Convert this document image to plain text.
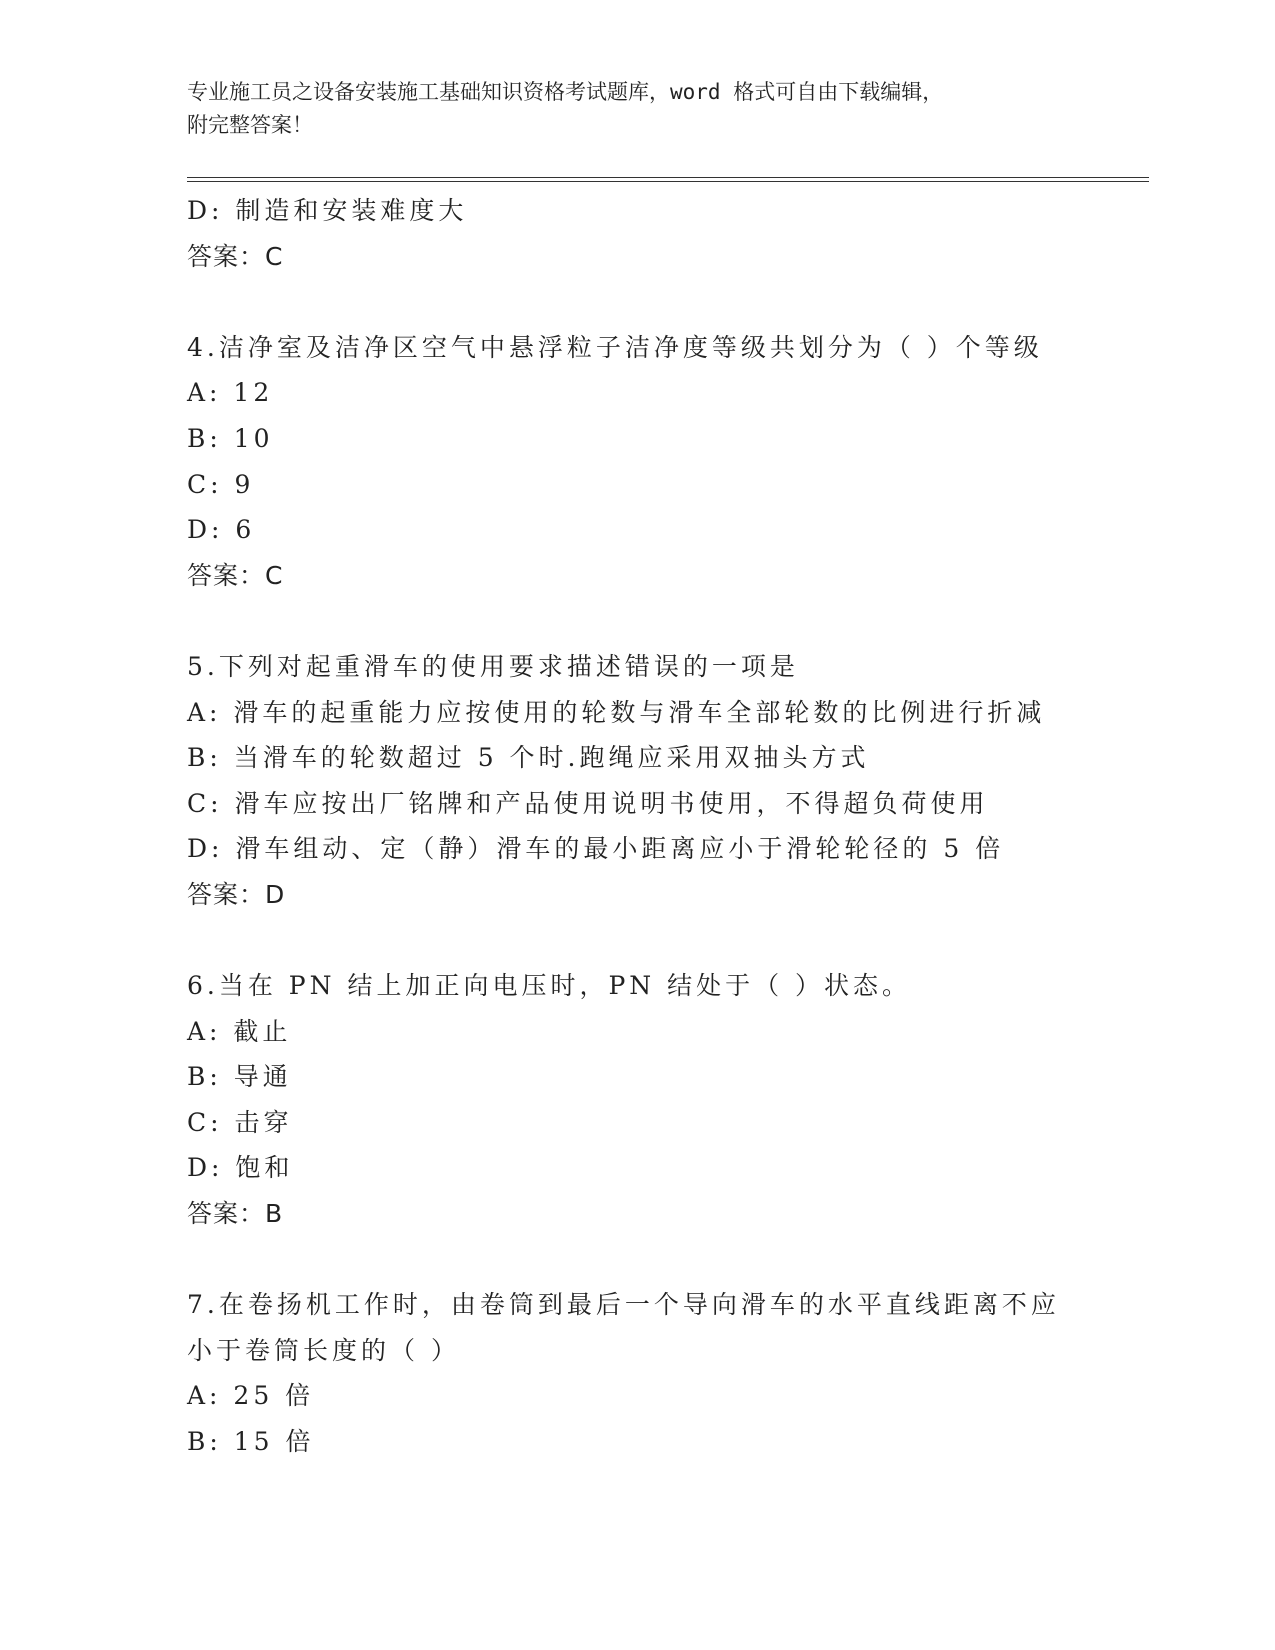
专业施工员之设备安装施工基础知识资格考试题库，word 格式可自由下载编辑，
附完整答案！
D: 制造和安装难度大
答案：C
4.洁净室及洁净区空气中悬浮粒子洁净度等级共划分为（ ）个等级
A: 12
B: 10
C: 9
D: 6
答案：C
5.下列对起重滑车的使用要求描述错误的一项是
A: 滑车的起重能力应按使用的轮数与滑车全部轮数的比例进行折减
B: 当滑车的轮数超过 5 个时.跑绳应采用双抽头方式
C: 滑车应按出厂铭牌和产品使用说明书使用，不得超负荷使用
D: 滑车组动、定（静）滑车的最小距离应小于滑轮轮径的 5 倍
答案：D
6.当在 PN 结上加正向电压时，PN 结处于（ ）状态。
A: 截止
B: 导通
C: 击穿
D: 饱和
答案：B
7.在卷扬机工作时，由卷筒到最后一个导向滑车的水平直线距离不应
小于卷筒长度的（ ）
A: 25 倍
B: 15 倍
